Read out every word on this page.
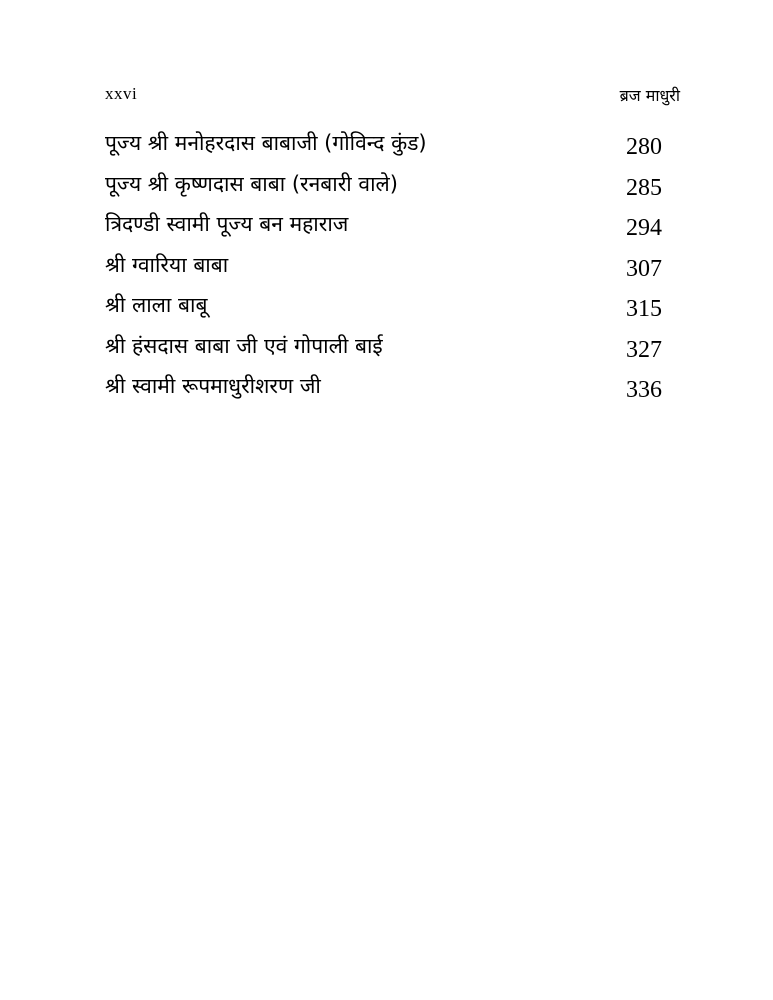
xxvi	ब्रज माधुरी
पूज्य श्री मनोहरदास बाबाजी (गोविन्द कुंड)	280
पूज्य श्री कृष्णदास बाबा (रनबारी वाले)	285
त्रिदण्डी स्वामी पूज्य बन महाराज	294
श्री ग्वारिया बाबा	307
श्री लाला बाबू	315
श्री हंसदास बाबा जी एवं गोपाली बाई	327
श्री स्वामी रूपमाधुरीशरण जी	336
